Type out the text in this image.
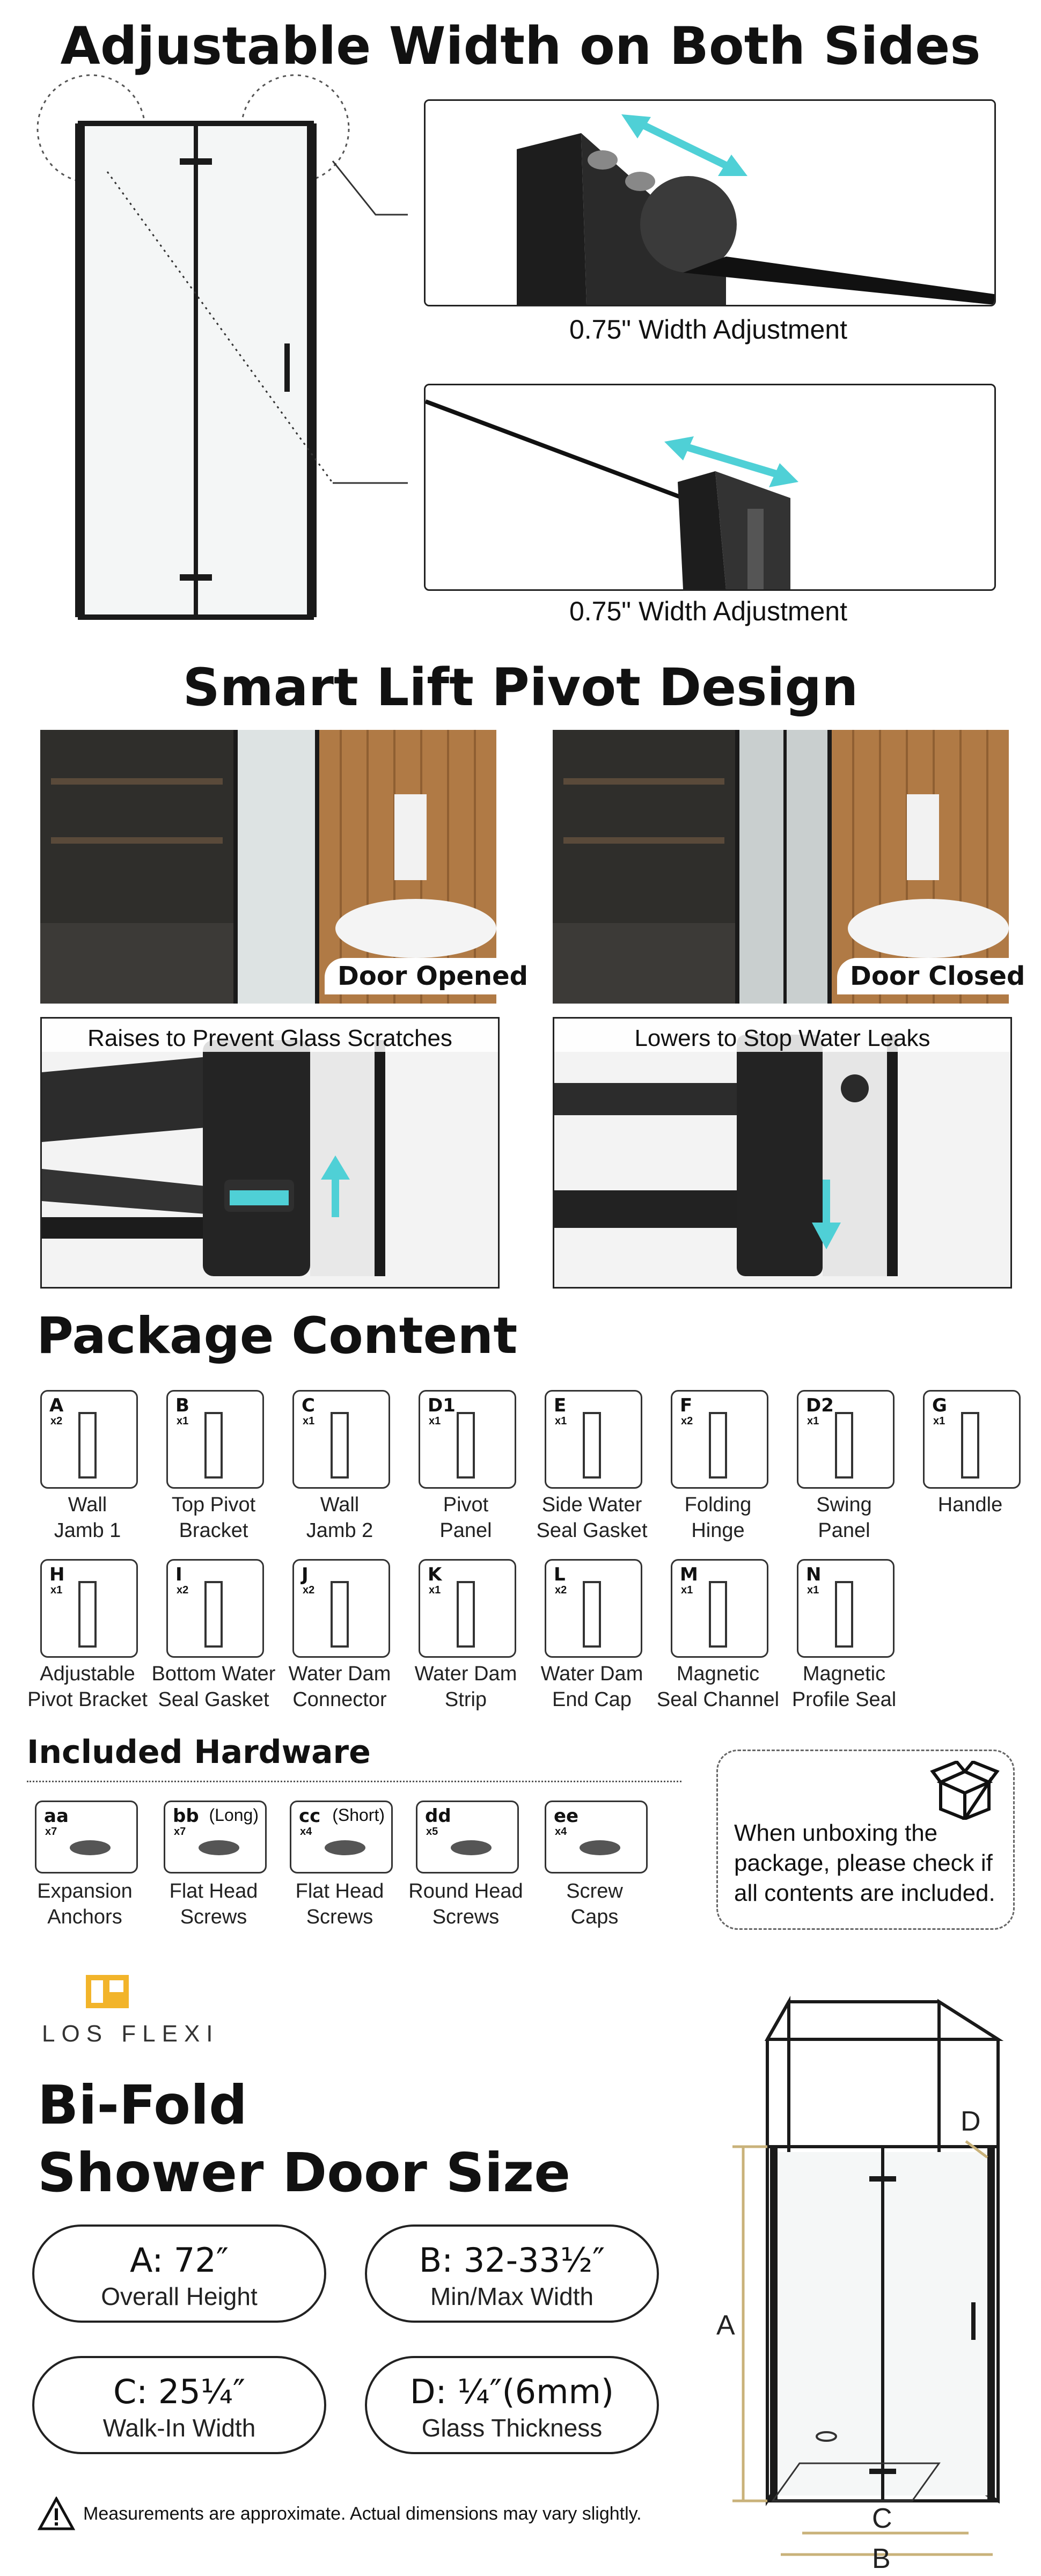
Adjustable Width on Both Sides
0.75" Width Adjustment
0.75" Width Adjustment
Smart Lift Pivot Design
Door Opened	Door Closed
Raises to Prevent Glass Scratches	Lowers to Stop Water Leaks
Package Content
A
x2
Wall
Jamb 1
B
x1
Top Pivot
Bracket
C
x1
Wall
Jamb 2
D1
x1
Pivot
Panel
E
x1
Side Water
Seal Gasket
F
x2
Folding
Hinge
D2
x1
Swing
Panel
G
x1
Handle
H
x1
Adjustable
Pivot Bracket
I
x2
Bottom Water
Seal Gasket
J
x2
Water Dam
Connector
K
x1
Water Dam
Strip
L
x2
Water Dam
End Cap
M
x1
Magnetic
Seal Channel
N
x1
Magnetic
Profile Seal
Included Hardware
aa
x7
Expansion
Anchors
bb
x7
(Long)
Flat Head
Screws
cc
x4
(Short)
Flat Head
Screws
dd
x5
Round Head
Screws
ee
x4
Screw
Caps
When unboxing the package, please check if all contents are included.
LOS FLEXI
Bi-Fold
Shower Door Size
A: 72″
Overall Height
B: 32-33½″
Min/Max Width
C: 25¼″
Walk-In Width
D: ¼″(6mm)
Glass Thickness
A
C
B
D
Measurements are approximate. Actual dimensions may vary slightly.
